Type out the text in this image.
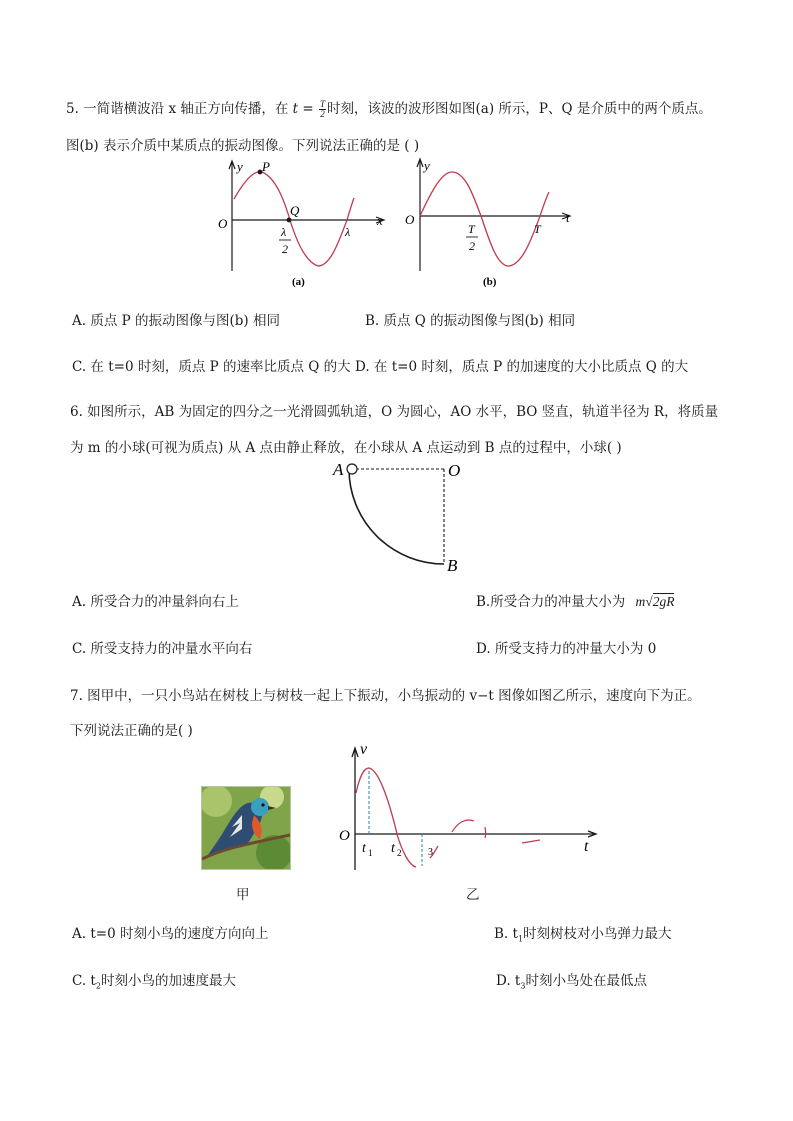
5. 一简谐横波沿 x 轴正方向传播，在 $t = \frac{T}{2}$ 时刻，该波的波形图如图(a) 所示，P、Q 是介质中的两个质点。
图(b) 表示介质中某质点的振动图像。下列说法正确的是 ( )
y
x
O
P
Q
λ
λ
2
(a)
y
t
O
T
T
2
(b)
A. 质点 P 的振动图像与图(b) 相同	B. 质点 Q 的振动图像与图(b) 相同
C. 在 t=0 时刻，质点 P 的速率比质点 Q 的大 D. 在 t=0 时刻，质点 P 的加速度的大小比质点 Q 的大
6. 如图所示，AB 为固定的四分之一光滑圆弧轨道，O 为圆心，AO 水平，BO 竖直，轨道半径为 R，将质量
为 m 的小球(可视为质点) 从 A 点由静止释放，在小球从 A 点运动到 B 点的过程中，小球( )
A	O
B
A. 所受合力的冲量斜向右上	B.所受合力的冲量大小为 m√2gR
C. 所受支持力的冲量水平向右	D. 所受支持力的冲量大小为 0
7. 图甲中，一只小鸟站在树枝上与树枝一起上下振动，小鸟振动的 v−t 图像如图乙所示，速度向下为正。
下列说法正确的是( )
v
t
O
t 1 t 2	3
甲	乙
A. t=0 时刻小鸟的速度方向向上	B. $t_1$时刻树枝对小鸟弹力最大
C. $t_2$时刻小鸟的加速度最大	D. $t_3$时刻小鸟处在最低点
